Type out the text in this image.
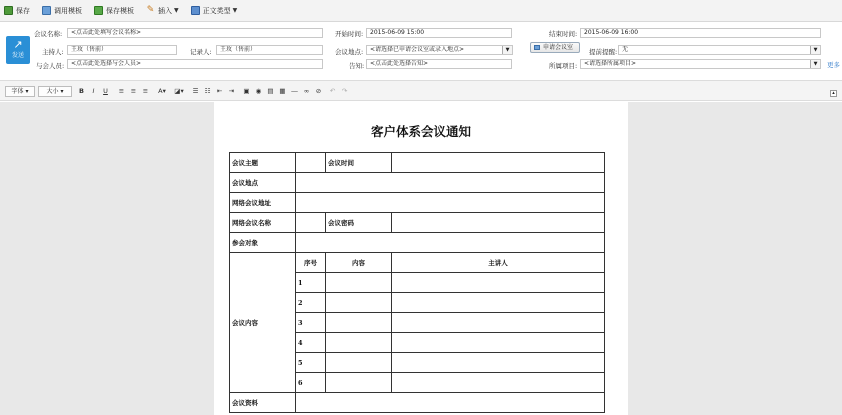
保存	调用模板	保存模板 ✎ 插入 ▼	正文类型 ▼
↗
发送
会议名称:	<点击此处填写会议名称>	开始时间:	2015-06-09 15:00	结束时间:	2015-06-09 16:00
主持人:	王玫（售前）	记录人:	王玫（售前）	会议地点:	<请选择已申请会议室或录入地点>	▼	申请会议室
提前提醒: 无	▼
与会人员:	<点击此处选择与会人员>	告知: <点击此处选择告知>	所属项目:	<请选择所属项目>	▼	更多
字体 ▾	大小 ▾	B	I	U	≡ ≡ ≡	A▾	◪▾	☰ ☷ ⇤ ⇥ ▣ ◉ ▤ ▦ ― ∞ ⊘ ↶ ↷	▴
客户体系会议通知
会议主题		会议时间	
会议地点			
网络会议地址			
网络会议名称		会议密码	
参会对象			
会议内容	序号	内容	主讲人
	1		
	2		
	3		
	4		
	5		
	6		
会议资料			
